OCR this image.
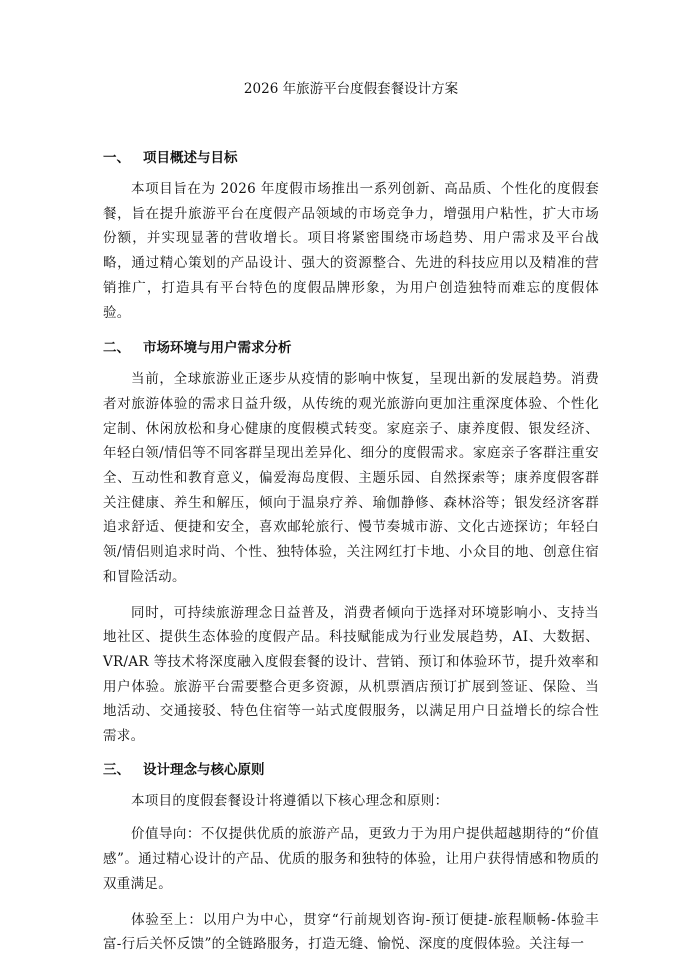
2026 年旅游平台度假套餐设计方案
一、 项目概述与目标

本项目旨在为 2026 年度假市场推出一系列创新、高品质、个性化的度假套餐，旨在提升旅游平台在度假产品领域的市场竞争力，增强用户粘性，扩大市场份额，并实现显著的营收增长。项目将紧密围绕市场趋势、用户需求及平台战略，通过精心策划的产品设计、强大的资源整合、先进的科技应用以及精准的营销推广，打造具有平台特色的度假品牌形象，为用户创造独特而难忘的度假体验。

二、 市场环境与用户需求分析

当前，全球旅游业正逐步从疫情的影响中恢复，呈现出新的发展趋势。消费者对旅游体验的需求日益升级，从传统的观光旅游向更加注重深度体验、个性化定制、休闲放松和身心健康的度假模式转变。家庭亲子、康养度假、银发经济、年轻白领/情侣等不同客群呈现出差异化、细分的度假需求。家庭亲子客群注重安全、互动性和教育意义，偏爱海岛度假、主题乐园、自然探索等；康养度假客群关注健康、养生和解压，倾向于温泉疗养、瑜伽静修、森林浴等；银发经济客群追求舒适、便捷和安全，喜欢邮轮旅行、慢节奏城市游、文化古迹探访；年轻白领/情侣则追求时尚、个性、独特体验，关注网红打卡地、小众目的地、创意住宿和冒险活动。

同时，可持续旅游理念日益普及，消费者倾向于选择对环境影响小、支持当地社区、提供生态体验的度假产品。科技赋能成为行业发展趋势，AI、大数据、VR/AR 等技术将深度融入度假套餐的设计、营销、预订和体验环节，提升效率和用户体验。旅游平台需要整合更多资源，从机票酒店预订扩展到签证、保险、当地活动、交通接驳、特色住宿等一站式度假服务，以满足用户日益增长的综合性需求。

三、 设计理念与核心原则

本项目的度假套餐设计将遵循以下核心理念和原则：

价值导向：不仅提供优质的旅游产品，更致力于为用户提供超越期待的“价值感”。通过精心设计的产品、优质的服务和独特的体验，让用户获得情感和物质的双重满足。

体验至上：以用户为中心，贯穿“行前规划咨询-预订便捷-旅程顺畅-体验丰富-行后关怀反馈”的全链路服务，打造无缝、愉悦、深度的度假体验。关注每一
